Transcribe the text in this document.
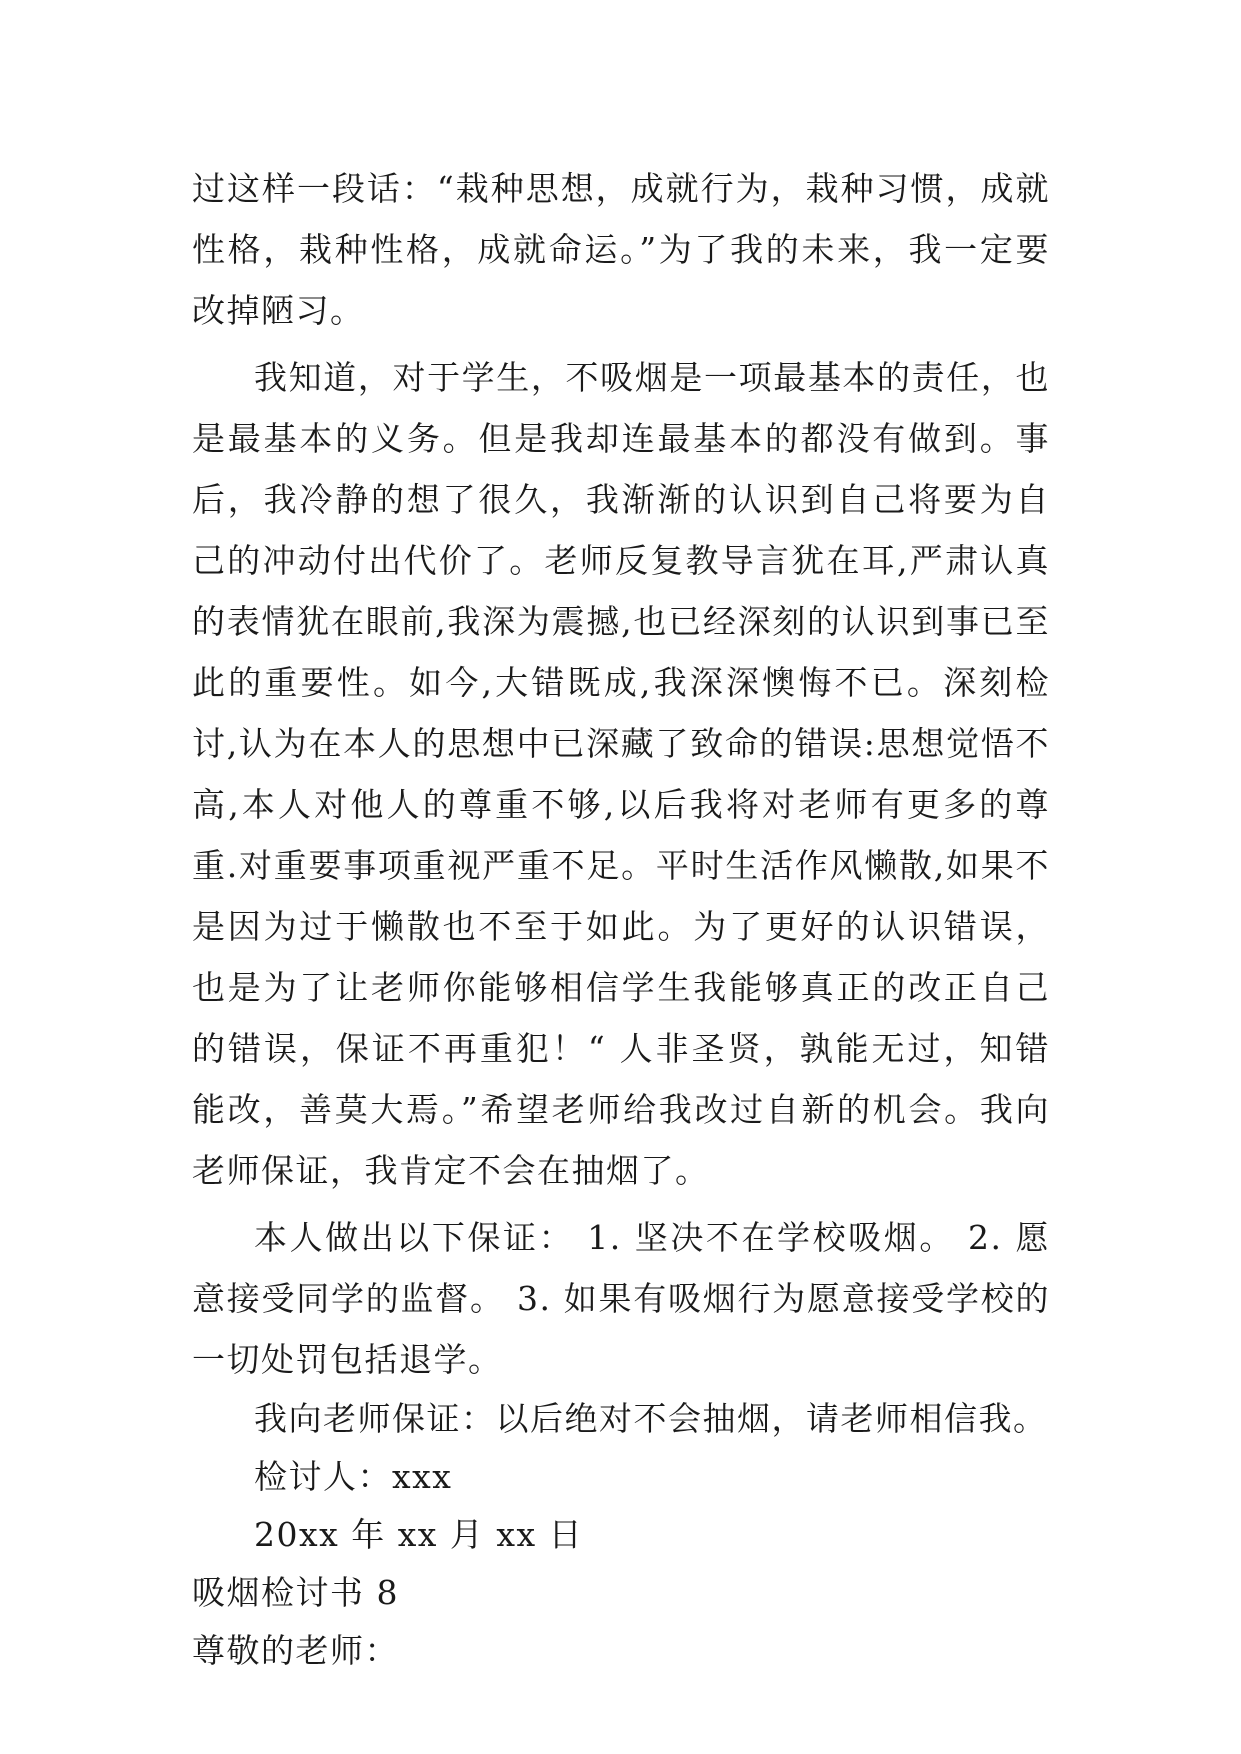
过这样一段话：“栽种思想，成就行为，栽种习惯，成就性格，栽种性格，成就命运。”为了我的未来，我一定要改掉陋习。

我知道，对于学生，不吸烟是一项最基本的责任，也是最基本的义务。但是我却连最基本的都没有做到。事后，我冷静的想了很久，我渐渐的认识到自己将要为自己的冲动付出代价了。老师反复教导言犹在耳,严肃认真的表情犹在眼前,我深为震撼,也已经深刻的认识到事已至此的重要性。如今,大错既成,我深深懊悔不已。深刻检讨,认为在本人的思想中已深藏了致命的错误:思想觉悟不高,本人对他人的尊重不够,以后我将对老师有更多的尊重.对重要事项重视严重不足。平时生活作风懒散,如果不是因为过于懒散也不至于如此。为了更好的认识错误，也是为了让老师你能够相信学生我能够真正的改正自己的错误，保证不再重犯！“ 人非圣贤，孰能无过，知错能改，善莫大焉。”希望老师给我改过自新的机会。我向老师保证，我肯定不会在抽烟了。

本人做出以下保证： 1. 坚决不在学校吸烟。 2. 愿意接受同学的监督。 3. 如果有吸烟行为愿意接受学校的一切处罚包括退学。

我向老师保证：以后绝对不会抽烟，请老师相信我。

检讨人：xxx

20xx 年 xx 月 xx 日

吸烟检讨书 8

尊敬的老师：
